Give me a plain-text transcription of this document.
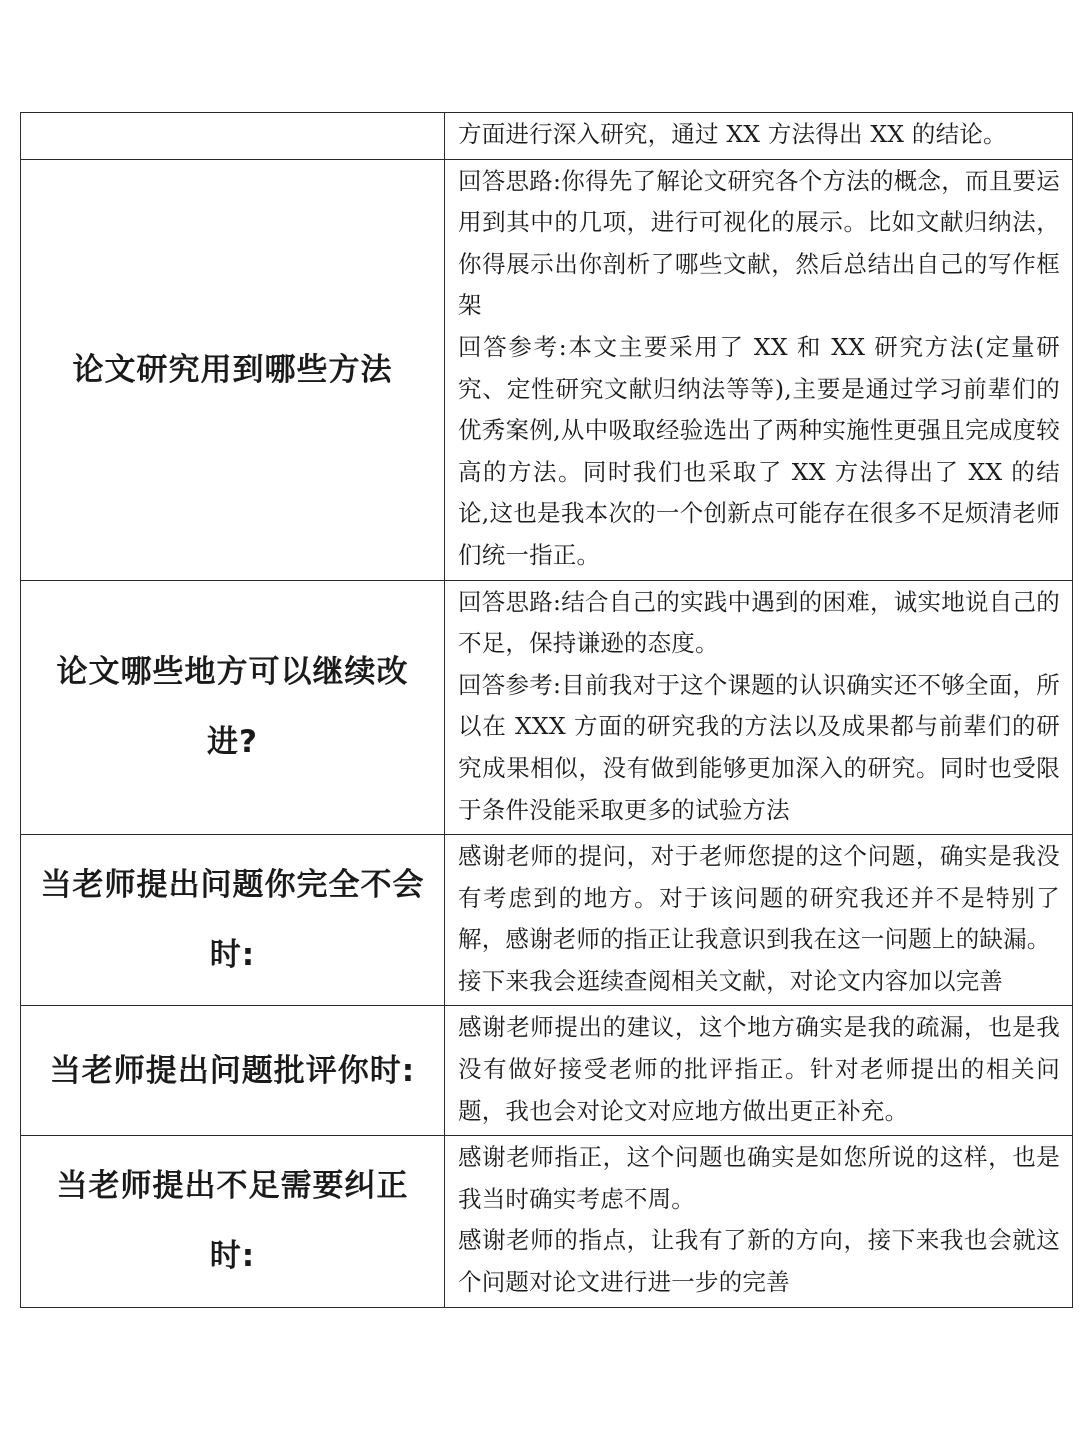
	方面进行深入研究，通过 XX 方法得出 XX 的结论。

论文研究用到哪些方法	回答思路:你得先了解论文研究各个方法的概念，而且要运用到其中的几项，进行可视化的展示。比如文献归纳法，你得展示出你剖析了哪些文献，然后总结出自己的写作框架

回答参考:本文主要采用了 XX 和 XX 研究方法(定量研究、定性研究文献归纳法等等),主要是通过学习前辈们的优秀案例,从中吸取经验选出了两种实施性更强且完成度较高的方法。同时我们也采取了 XX 方法得出了 XX 的结论,这也是我本次的一个创新点可能存在很多不足烦清老师们统一指正。

论文哪些地方可以继续改进?	回答思路:结合自己的实践中遇到的困难，诚实地说自己的不足，保持谦逊的态度。

回答参考:目前我对于这个课题的认识确实还不够全面，所以在 XXX 方面的研究我的方法以及成果都与前辈们的研究成果相似，没有做到能够更加深入的研究。同时也受限于条件没能采取更多的试验方法

当老师提出问题你完全不会时:	感谢老师的提问，对于老师您提的这个问题，确实是我没有考虑到的地方。对于该问题的研究我还并不是特别了解，感谢老师的指正让我意识到我在这一问题上的缺漏。

接下来我会逛续查阅相关文献，对论文内容加以完善

当老师提出问题批评你时:	感谢老师提出的建议，这个地方确实是我的疏漏，也是我没有做好接受老师的批评指正。针对老师提出的相关问题，我也会对论文对应地方做出更正补充。

当老师提出不足需要纠正时:	感谢老师指正，这个问题也确实是如您所说的这样，也是我当时确实考虑不周。

感谢老师的指点，让我有了新的方向，接下来我也会就这个问题对论文进行进一步的完善
